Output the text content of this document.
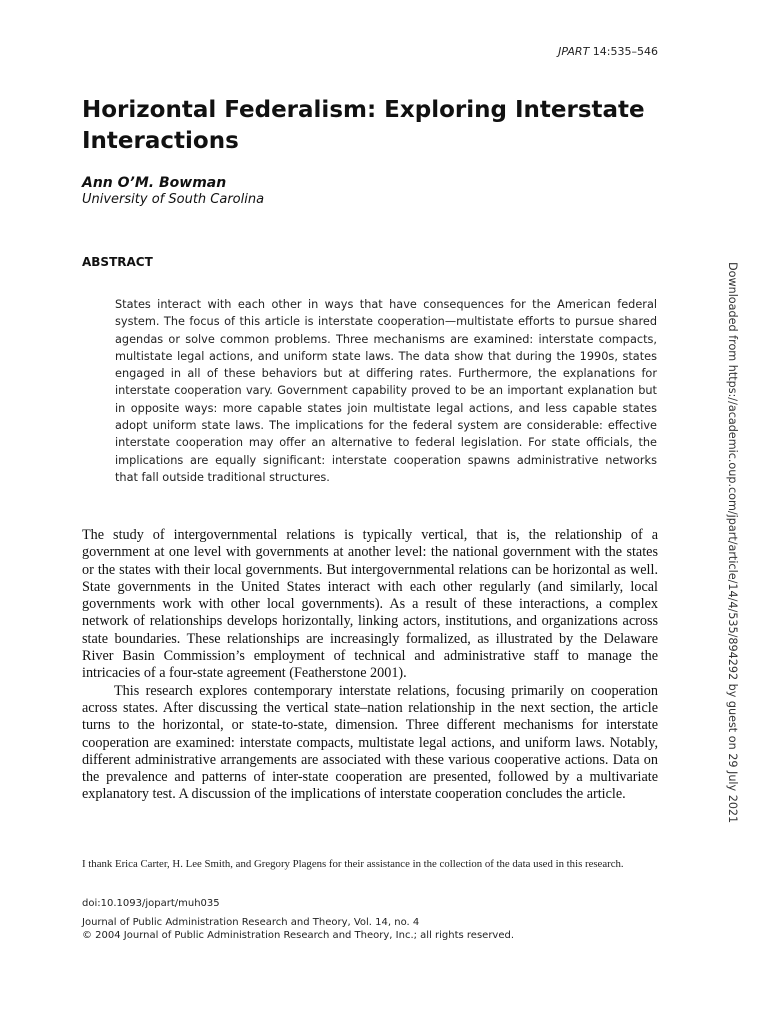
JPART 14:535–546
Horizontal Federalism: Exploring Interstate Interactions
Ann O’M. Bowman
University of South Carolina
ABSTRACT

States interact with each other in ways that have consequences for the American federal system. The focus of this article is interstate cooperation—multistate efforts to pursue shared agendas or solve common problems. Three mechanisms are examined: interstate compacts, multistate legal actions, and uniform state laws. The data show that during the 1990s, states engaged in all of these behaviors but at differing rates. Furthermore, the explanations for interstate cooperation vary. Government capability proved to be an important explanation but in opposite ways: more capable states join multistate legal actions, and less capable states adopt uniform state laws. The implications for the federal system are considerable: effective interstate cooperation may offer an alternative to federal legislation. For state officials, the implications are equally significant: interstate cooperation spawns administrative networks that fall outside traditional structures.

The study of intergovernmental relations is typically vertical, that is, the relationship of a government at one level with governments at another level: the national government with the states or the states with their local governments. But intergovernmental relations can be horizontal as well. State governments in the United States interact with each other regularly (and similarly, local governments work with other local governments). As a result of these interactions, a complex network of relationships develops horizontally, linking actors, institutions, and organizations across state boundaries. These relationships are increasingly formalized, as illustrated by the Delaware River Basin Commission’s employment of technical and administrative staff to manage the intricacies of a four-state agreement (Featherstone 2001).

This research explores contemporary interstate relations, focusing primarily on cooperation across states. After discussing the vertical state–nation relationship in the next section, the article turns to the horizontal, or state-to-state, dimension. Three different mechanisms for interstate cooperation are examined: interstate compacts, multistate legal actions, and uniform laws. Notably, different administrative arrangements are associated with these various cooperative actions. Data on the prevalence and patterns of inter-state cooperation are presented, followed by a multivariate explanatory test. A discussion of the implications of interstate cooperation concludes the article.

I thank Erica Carter, H. Lee Smith, and Gregory Plagens for their assistance in the collection of the data used in this research.

doi:10.1093/jopart/muh035
Journal of Public Administration Research and Theory, Vol. 14, no. 4
© 2004 Journal of Public Administration Research and Theory, Inc.; all rights reserved.
Downloaded from https://academic.oup.com/jpart/article/14/4/535/894292 by guest on 29 July 2021
